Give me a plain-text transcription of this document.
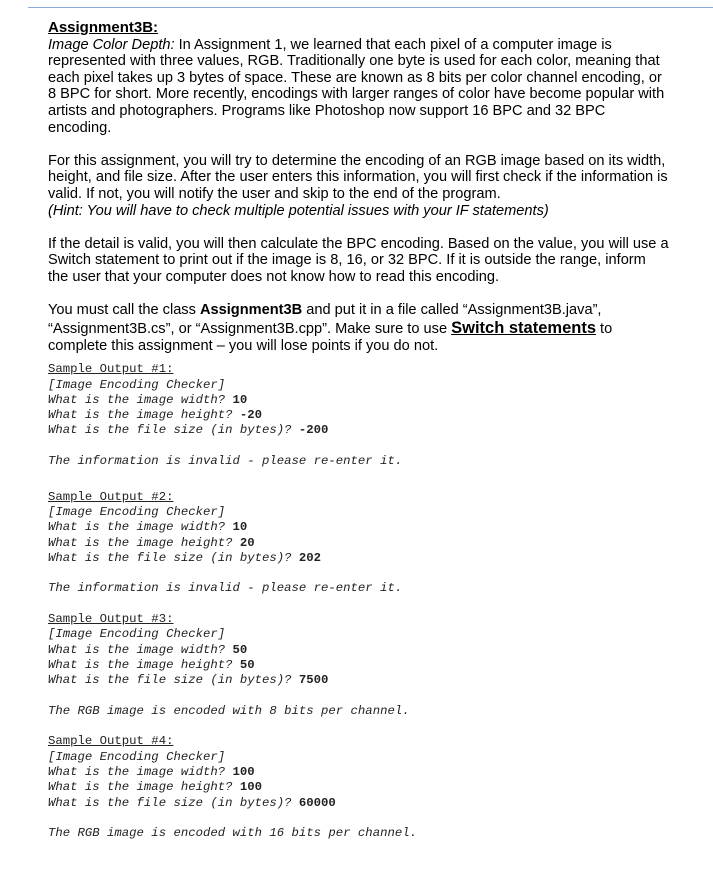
Assignment3B:

Image Color Depth: In Assignment 1, we learned that each pixel of a computer image is

represented with three values, RGB. Traditionally one byte is used for each color, meaning that

each pixel takes up 3 bytes of space. These are known as 8 bits per color channel encoding, or

8 BPC for short. More recently, encodings with larger ranges of color have become popular with

artists and photographers. Programs like Photoshop now support 16 BPC and 32 BPC

encoding.

For this assignment, you will try to determine the encoding of an RGB image based on its width,

height, and file size. After the user enters this information, you will first check if the information is

valid. If not, you will notify the user and skip to the end of the program.

(Hint: You will have to check multiple potential issues with your IF statements)

If the detail is valid, you will then calculate the BPC encoding. Based on the value, you will use a

Switch statement to print out if the image is 8, 16, or 32 BPC. If it is outside the range, inform

the user that your computer does not know how to read this encoding.

You must call the class Assignment3B and put it in a file called “Assignment3B.java”,

“Assignment3B.cs”, or “Assignment3B.cpp”. Make sure to use Switch statements to

complete this assignment – you will lose points if you do not.

Sample Output #1:
[Image Encoding Checker]
What is the image width? 10
What is the image height? -20
What is the file size (in bytes)? -200
The information is invalid - please re-enter it.
Sample Output #2:
[Image Encoding Checker]
What is the image width? 10
What is the image height? 20
What is the file size (in bytes)? 202
The information is invalid - please re-enter it.
Sample Output #3:
[Image Encoding Checker]
What is the image width? 50
What is the image height? 50
What is the file size (in bytes)? 7500
The RGB image is encoded with 8 bits per channel.
Sample Output #4:
[Image Encoding Checker]
What is the image width? 100
What is the image height? 100
What is the file size (in bytes)? 60000
The RGB image is encoded with 16 bits per channel.
